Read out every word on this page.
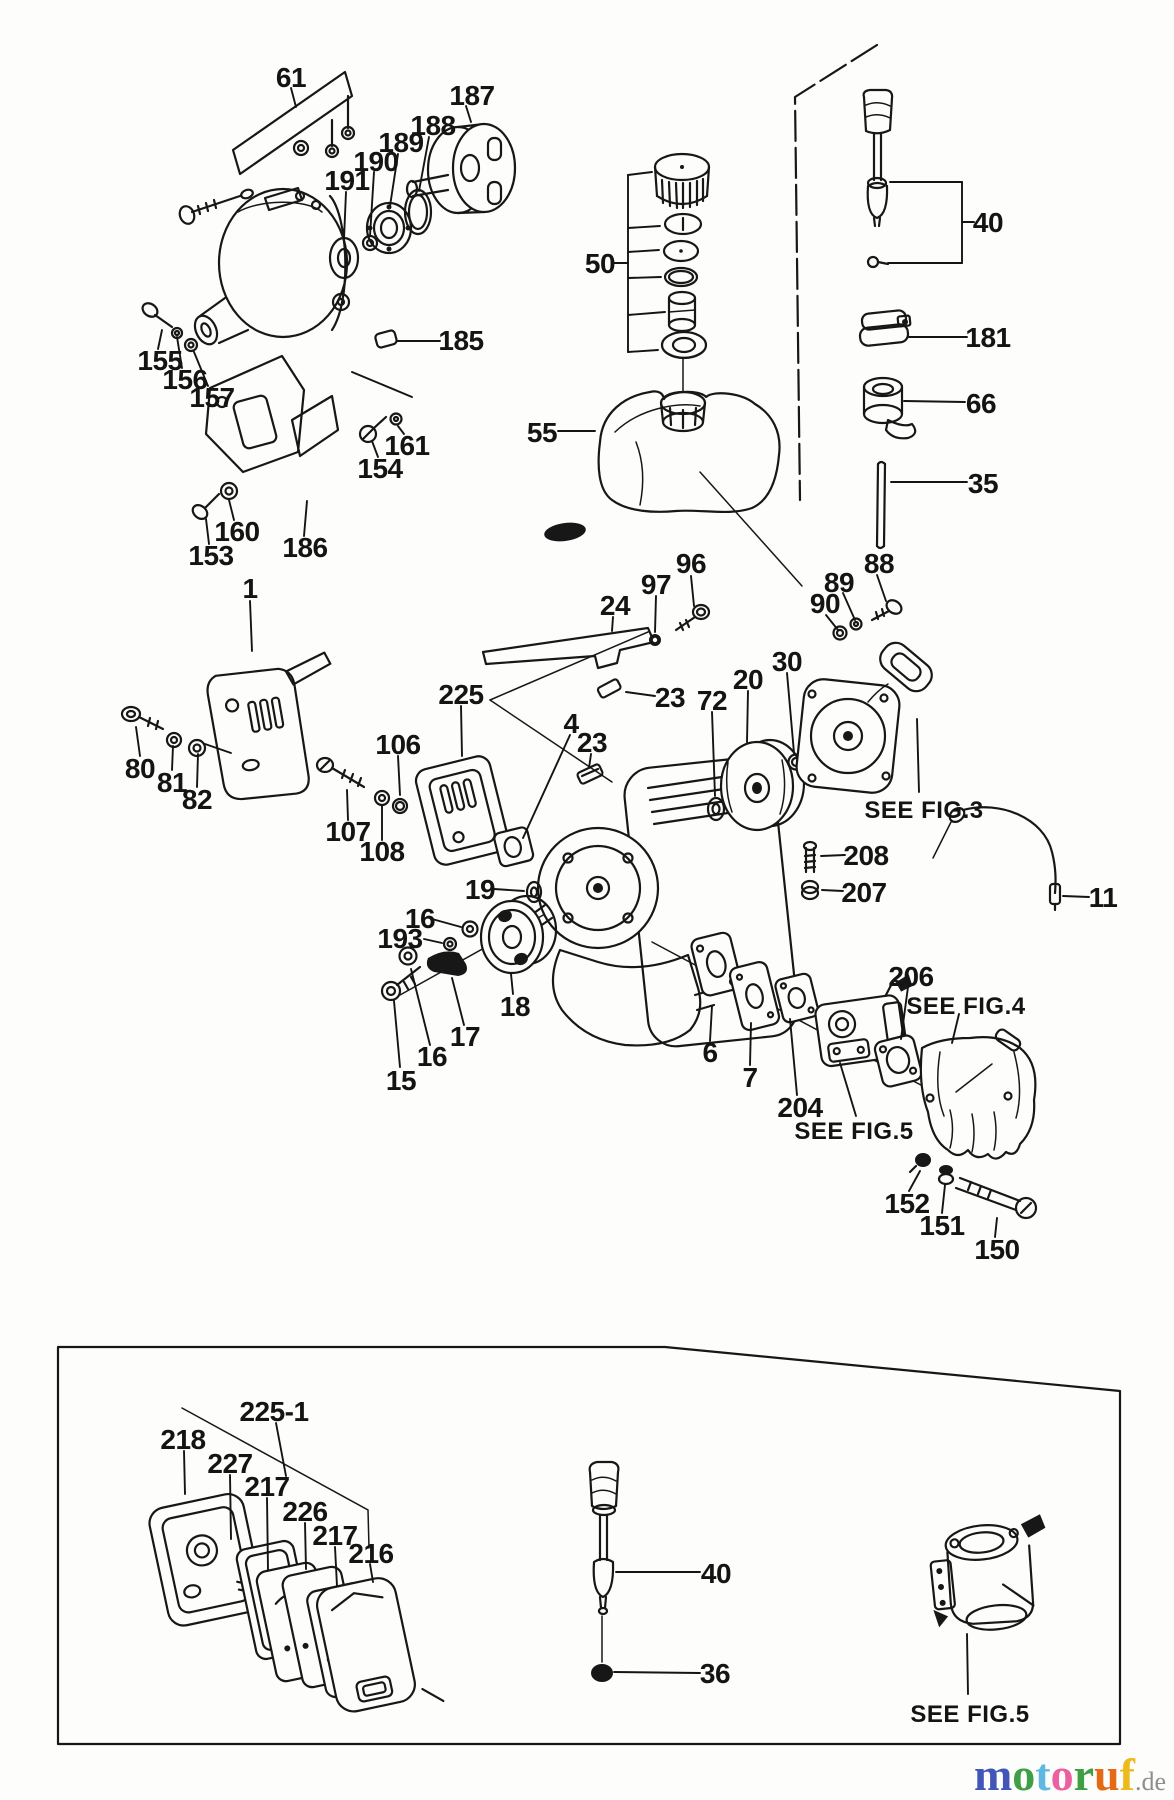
61
187
188
189
190
191
185
155
156
157
161
154
160
153 186
1
50
55
40
181
66
35
88
89
90
96
97
24
23
23
72
20
30
SEE FIG.3
225
106
4
80 81
82
107
108
19
16
193
18
17
16
15
208
207	11
206
SEE FIG.4
SEE FIG.5
204
7
6
152
151
150
225-1
218
227
217
226
217
216
40
36
SEE FIG.5
motoruf.de
